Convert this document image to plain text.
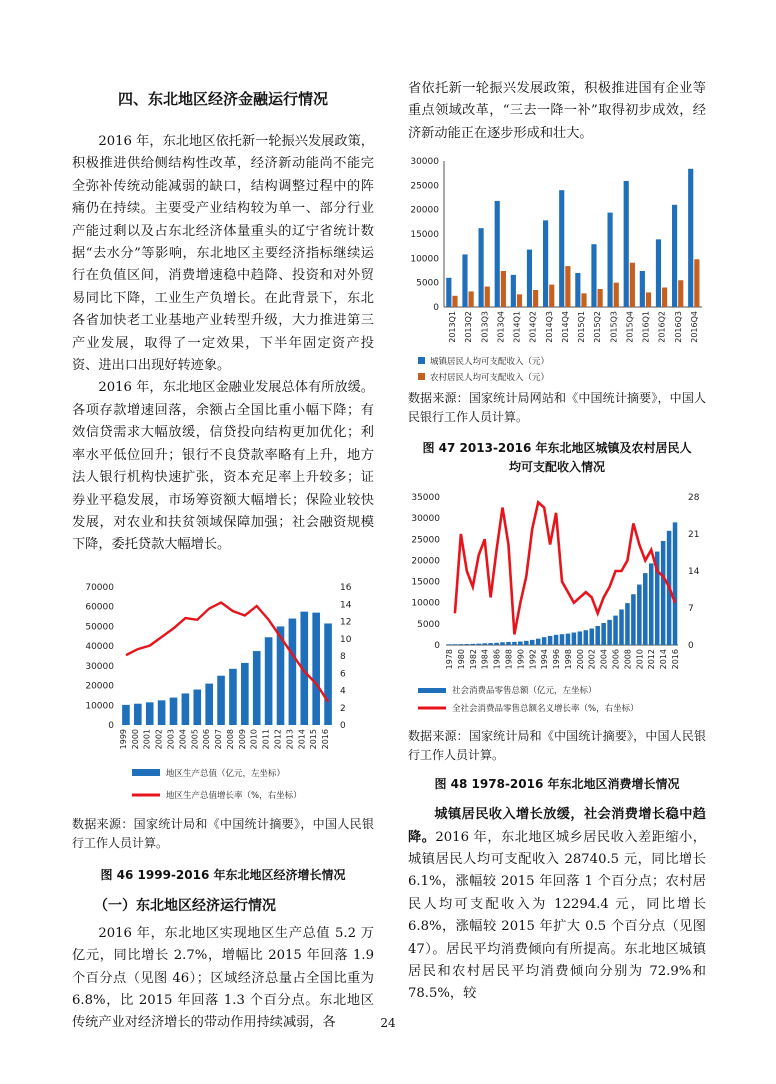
四、东北地区经济金融运行情况

2016 年，东北地区依托新一轮振兴发展政策，积极推进供给侧结构性改革，经济新动能尚不能完全弥补传统动能减弱的缺口，结构调整过程中的阵痛仍在持续。主要受产业结构较为单一、部分行业产能过剩以及占东北经济体量重头的辽宁省统计数据“去水分”等影响，东北地区主要经济指标继续运行在负值区间，消费增速稳中趋降、投资和对外贸易同比下降，工业生产负增长。在此背景下，东北各省加快老工业基地产业转型升级，大力推进第三产业发展，取得了一定效果，下半年固定资产投资、进出口出现好转迹象。

2016 年，东北地区金融业发展总体有所放缓。各项存款增速回落，余额占全国比重小幅下降；有效信贷需求大幅放缓，信贷投向结构更加优化；利率水平低位回升；银行不良贷款率略有上升，地方法人银行机构快速扩张，资本充足率上升较多；证券业平稳发展，市场筹资额大幅增长；保险业较快发展，对农业和扶贫领域保障加强；社会融资规模下降，委托贷款大幅增长。

0
10000
20000
30000
40000
50000
60000
70000
0
2
4
6
8
10
12
14
16
1999 2000 2001 2002 2003 2004 2005 2006 2007 2008 2009 2010 2011 2012 2013 2014 2015 2016
地区生产总值（亿元，左坐标）
地区生产总值增长率（%，右坐标）

数据来源：国家统计局和《中国统计摘要》，中国人民银行工作人员计算。

图 46 1999-2016 年东北地区经济增长情况

（一）东北地区经济运行情况

2016 年，东北地区实现地区生产总值 5.2 万亿元，同比增长 2.7%，增幅比 2015 年回落 1.9 个百分点（见图 46）；区域经济总量占全国比重为 6.8%，比 2015 年回落 1.3 个百分点。东北地区传统产业对经济增长的带动作用持续减弱，各

省依托新一轮振兴发展政策，积极推进国有企业等重点领域改革，“三去一降一补”取得初步成效，经济新动能正在逐步形成和壮大。

0
5000
10000
15000
20000
25000
30000
2013Q1 2013Q2 2013Q3 2013Q4 2014Q1 2014Q2 2014Q3 2014Q4 2015Q1 2015Q2 2015Q3 2015Q4 2016Q1 2016Q2 2016Q3 2016Q4
城镇居民人均可支配收入（元）
农村居民人均可支配收入（元）

数据来源：国家统计局网站和《中国统计摘要》，中国人民银行工作人员计算。

图 47 2013-2016 年东北地区城镇及农村居民人均可支配收入情况

0
5000
10000
15000
20000
25000
30000
35000
0
7
14
21
28
1978 1980 1982 1984 1986 1988 1990 1992 1994 1996 1998 2000 2002 2004 2006 2008 2010 2012 2014 2016
社会消费品零售总额（亿元，左坐标）
全社会消费品零售总额名义增长率（%，右坐标）

数据来源：国家统计局和《中国统计摘要》，中国人民银行工作人员计算。

图 48 1978-2016 年东北地区消费增长情况

城镇居民收入增长放缓，社会消费增长稳中趋降。2016 年，东北地区城乡居民收入差距缩小，城镇居民人均可支配收入 28740.5 元，同比增长 6.1%，涨幅较 2015 年回落 1 个百分点；农村居民人均可支配收入为 12294.4 元，同比增长 6.8%，涨幅较 2015 年扩大 0.5 个百分点（见图 47）。居民平均消费倾向有所提高。东北地区城镇居民和农村居民平均消费倾向分别为 72.9%和 78.5%，较

24
